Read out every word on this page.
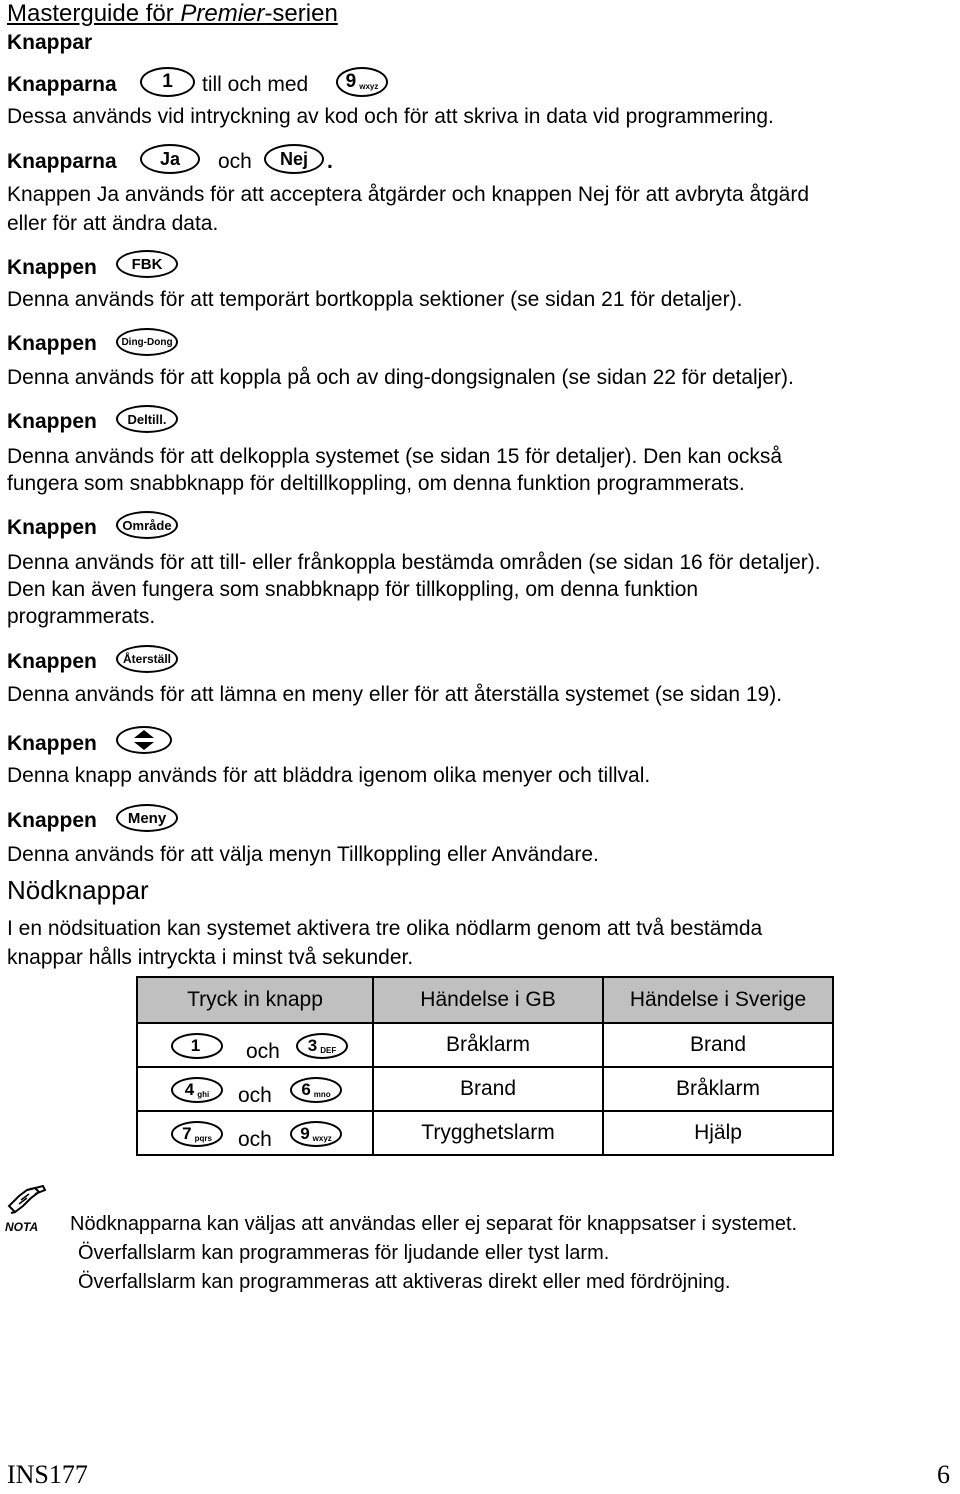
Masterguide för Premier-serien
Knappar
Knapparna 1 till och med 9 wxyz
Dessa används vid intryckning av kod och för att skriva in data vid programmering.
Knapparna Ja och Nej .
Knappen Ja används för att acceptera åtgärder och knappen Nej för att avbryta åtgärd
eller för att ändra data.
Knappen FBK
Denna används för att temporärt bortkoppla sektioner (se sidan 21 för detaljer).
Knappen Ding-Dong
Denna används för att koppla på och av ding-dongsignalen (se sidan 22 för detaljer).
Knappen Deltill.
Denna används för att delkoppla systemet (se sidan 15 för detaljer). Den kan också
fungera som snabbknapp för deltillkoppling, om denna funktion programmerats.
Knappen Område
Denna används för att till- eller frånkoppla bestämda områden (se sidan 16 för detaljer).
Den kan även fungera som snabbknapp för tillkoppling, om denna funktion
programmerats.
Knappen Återställ
Denna används för att lämna en meny eller för att återställa systemet (se sidan 19).
Knappen
Denna knapp används för att bläddra igenom olika menyer och tillval.
Knappen Meny
Denna används för att välja menyn Tillkoppling eller Användare.
Nödknappar
I en nödsituation kan systemet aktivera tre olika nödlarm genom att två bestämda
knappar hålls intryckta i minst två sekunder.
Tryck in knapp	Händelse i GB	Händelse i Sverige

1 och 3 DEF	Bråklarm	Brand

4 ghi och 6 mno	Brand	Bråklarm

7 pqrs och 9 wxyz	Trygghetslarm	Hjälp
NOTA	Nödknapparna kan väljas att användas eller ej separat för knappsatser i systemet.
Överfallslarm kan programmeras för ljudande eller tyst larm.
Överfallslarm kan programmeras att aktiveras direkt eller med fördröjning.
INS177	6
